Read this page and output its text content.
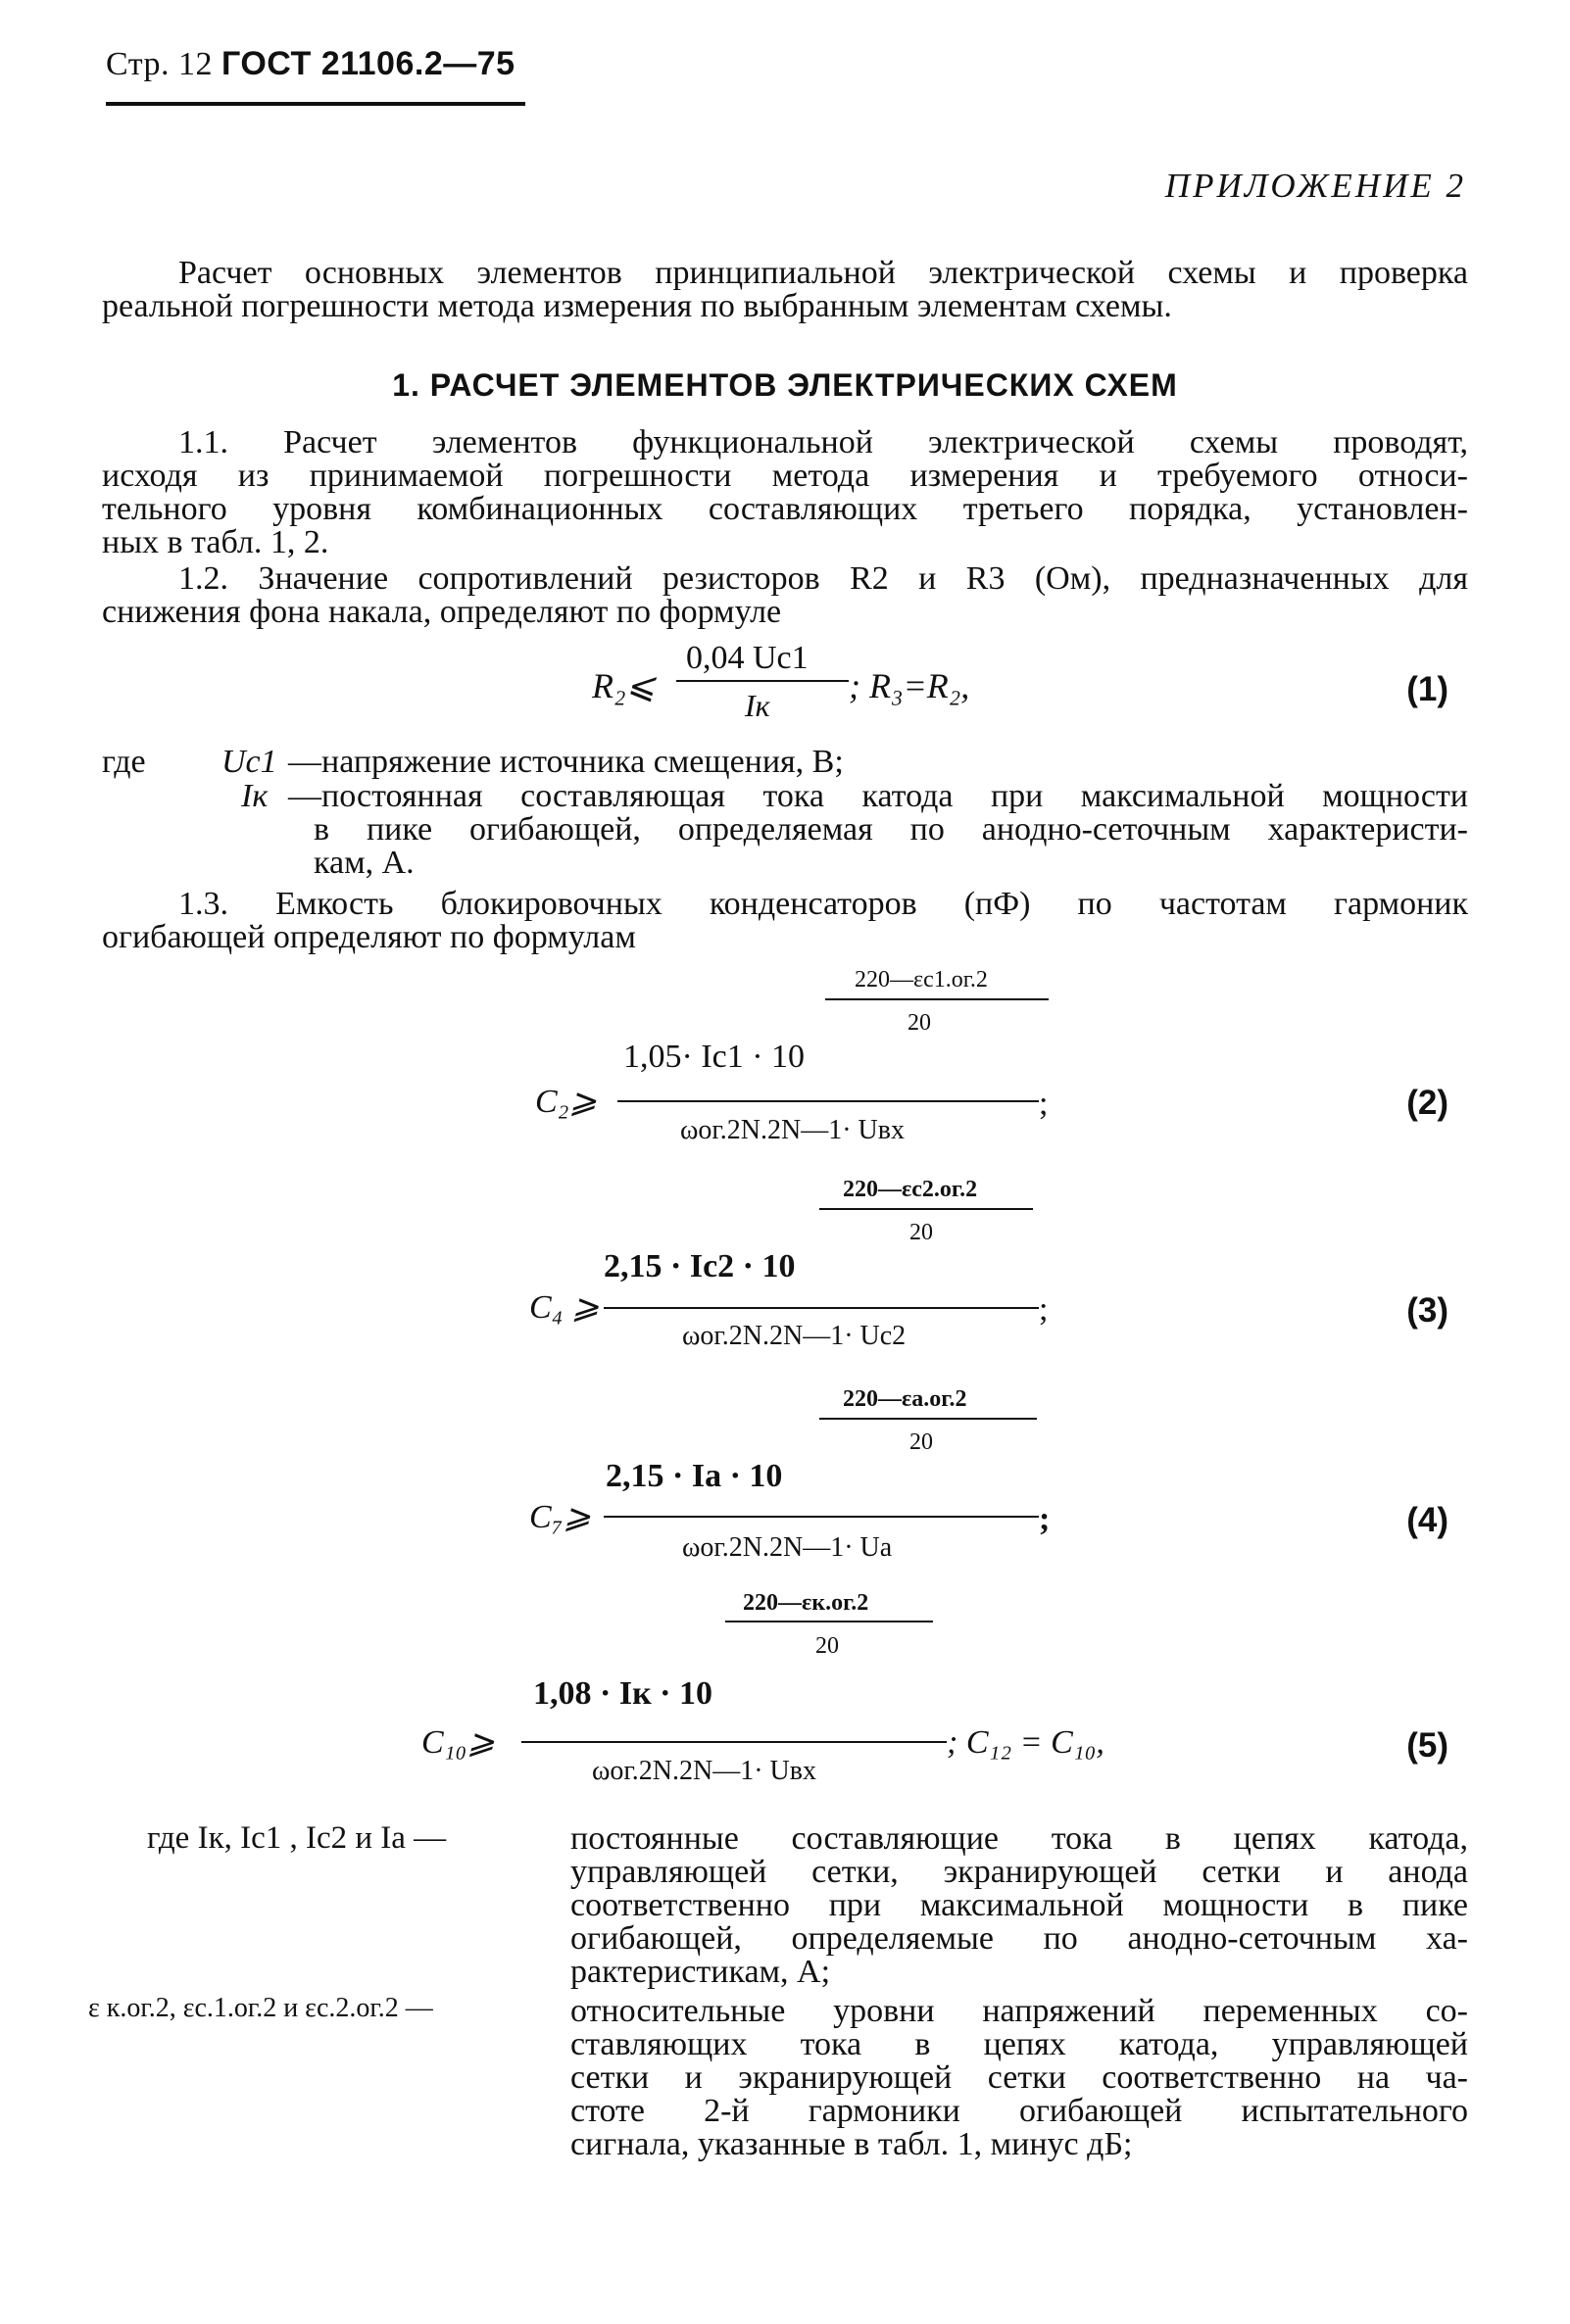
Стр. 12 ГОСТ 21106.2—75
ПРИЛОЖЕНИЕ 2
Расчет основных элементов принципиальной электрической схемы и проверка
реальной погрешности метода измерения по выбранным элементам схемы.
1. РАСЧЕТ ЭЛЕМЕНТОВ ЭЛЕКТРИЧЕСКИХ СХЕМ
1.1. Расчет элементов функциональной электрической схемы проводят,
исходя из принимаемой погрешности метода измерения и требуемого относи-
тельного уровня комбинационных составляющих третьего порядка, установлен-
ных в табл. 1, 2.
1.2. Значение сопротивлений резисторов R2 и R3 (Ом), предназначенных для
снижения фона накала, определяют по формуле
R₂⩽
0,04 Uс1
Iк ; R₃=R₂,	(1)
где Uс1 —напряжение источника смещения, В;
Iк —постоянная составляющая тока катода при максимальной мощности
в пике огибающей, определяемая по анодно-сеточным характеристи-
кам, А.
1.3. Емкость блокировочных конденсаторов (пФ) по частотам гармоник
огибающей определяют по формулам
220—εc1.ог.2
20
1,05· Iс1 · 10
C₂⩾	;
ωог.2N.2N—1· Uвх
(2)
220—εc2.ог.2
20
2,15 · Iс2 · 10
C₄ ⩾	;
ωог.2N.2N—1· Uс2
(3)
220—εa.ог.2
20
2,15 · Ia · 10
C₇⩾	;
ωог.2N.2N—1· Ua
(4)
220—εк.ог.2
20
1,08 · Iк · 10
C₁₀⩾	; C₁₂ = C₁₀,
ωог.2N.2N—1· Uвх
(5)
где Iк, Ic1 , Ic2 и Ia —	постоянные составляющие тока в цепях катода,
управляющей сетки, экранирующей сетки и анода
соответственно при максимальной мощности в пике
огибающей, определяемые по анодно-сеточным ха-
рактеристикам, А;
ε к.ог.2, εc.1.ог.2 и εc.2.ог.2 —	относительные уровни напряжений переменных со-
ставляющих тока в цепях катода, управляющей
сетки и экранирующей сетки соответственно на ча-
стоте 2-й гармоники огибающей испытательного
сигнала, указанные в табл. 1, минус дБ;
